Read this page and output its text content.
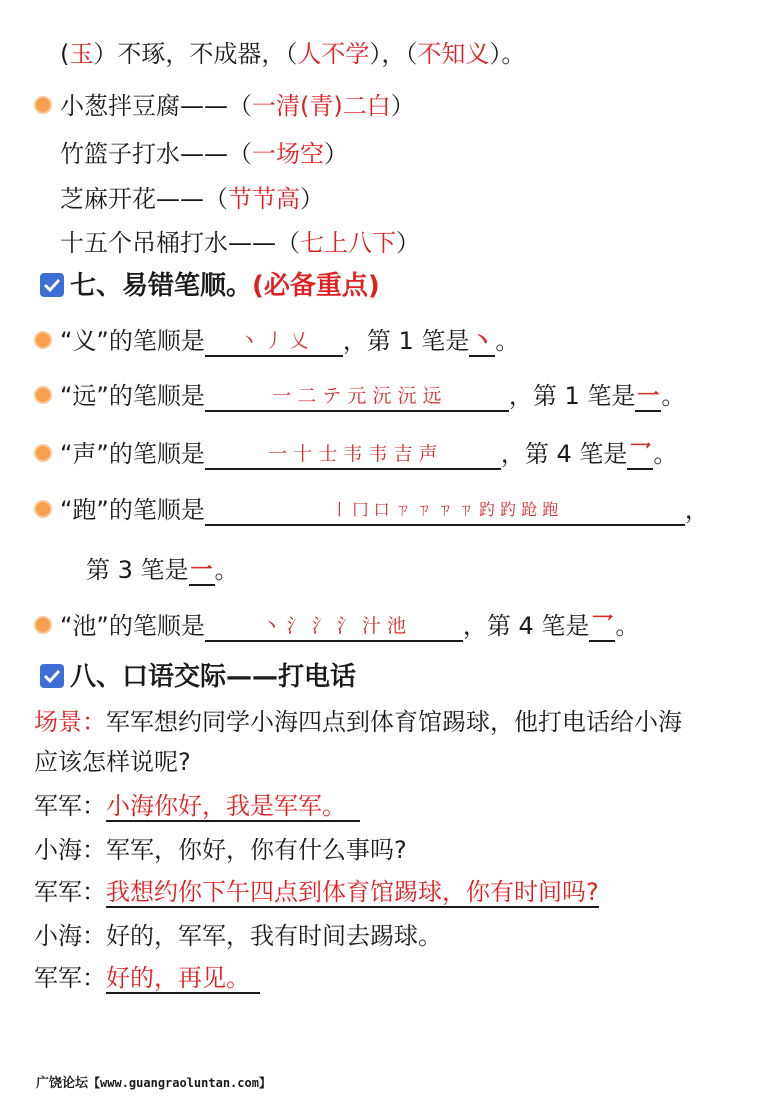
(玉）不琢，不成器，（人不学），（不知义）。
小葱拌豆腐——（一清(青)二白）
竹篮子打水——（一场空）
芝麻开花——（节节高）
十五个吊桶打水——（七上八下）
七、易错笔顺。(必备重点)
“义”的笔顺是 丶 丿 乂 ，第 1 笔是丶。
“远”的笔顺是	一 二 テ 元 沅 沅 远	，第 1 笔是一。
“声”的笔顺是	一 十 士 韦 韦 吉 声	，第 4 笔是乛。
“跑”的笔顺是	丨 冂 口 ㄗ ㄗ ㄗ ㄗ 趵 趵 跄 跑	，
第 3 笔是一。
“池”的笔顺是	丶 氵 氵 氵 汁 池 ，第 4 笔是乛。
八、口语交际——打电话
场景：军军想约同学小海四点到体育馆踢球，他打电话给小海
应该怎样说呢?
军军：小海你好，我是军军。
小海：军军，你好，你有什么事吗?
军军：我想约你下午四点到体育馆踢球，你有时间吗?
小海：好的，军军，我有时间去踢球。
军军：好的，再见。
广饶论坛【www.guangraoluntan.com】
